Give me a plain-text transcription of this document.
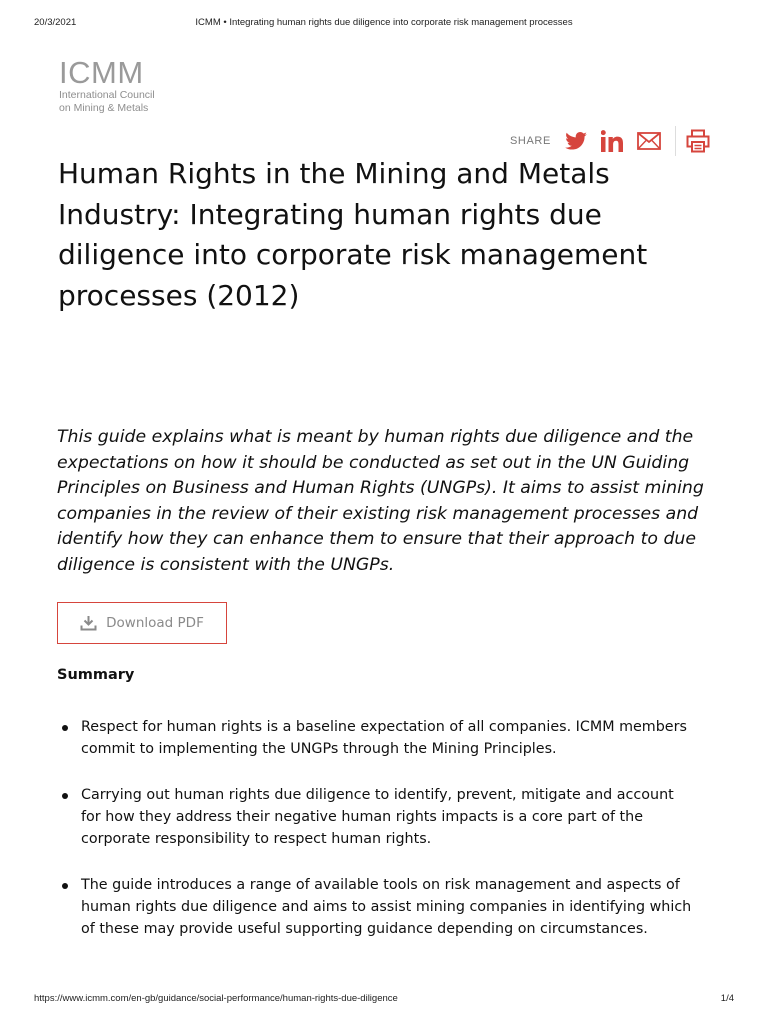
20/3/2021	ICMM • Integrating human rights due diligence into corporate risk management processes
ICMM
International Council
on Mining & Metals
SHARE
Human Rights in the Mining and Metals Industry: Integrating human rights due diligence into corporate risk management processes (2012)

This guide explains what is meant by human rights due diligence and the expectations on how it should be conducted as set out in the UN Guiding Principles on Business and Human Rights (UNGPs). It aims to assist mining companies in the review of their existing risk management processes and identify how they can enhance them to ensure that their approach to due diligence is consistent with the UNGPs.

Download PDF
Summary
Respect for human rights is a baseline expectation of all companies. ICMM members commit to implementing the UNGPs through the Mining Principles.
Carrying out human rights due diligence to identify, prevent, mitigate and account for how they address their negative human rights impacts is a core part of the corporate responsibility to respect human rights.
The guide introduces a range of available tools on risk management and aspects of human rights due diligence and aims to assist mining companies in identifying which of these may provide useful supporting guidance depending on circumstances.
https://www.icmm.com/en-gb/guidance/social-performance/human-rights-due-diligence	1/4
